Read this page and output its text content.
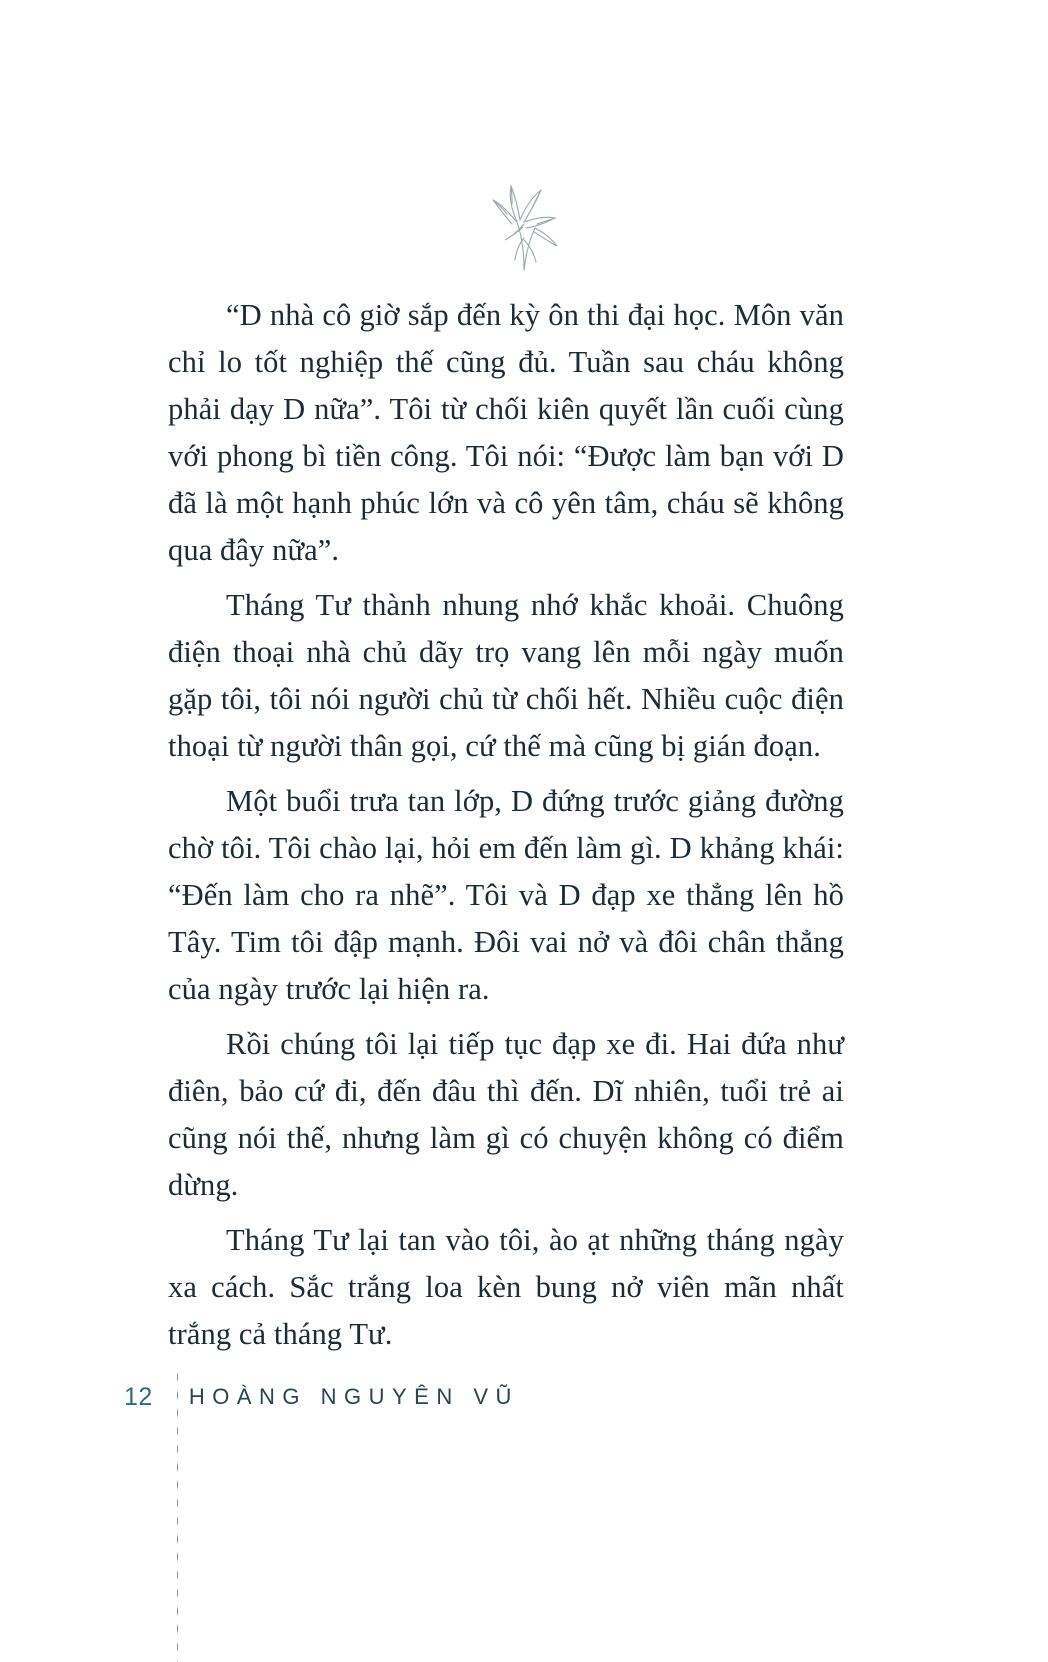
“D nhà cô giờ sắp đến kỳ ôn thi đại học. Môn văn chỉ lo tốt nghiệp thế cũng đủ. Tuần sau cháu không phải dạy D nữa”. Tôi từ chối kiên quyết lần cuối cùng với phong bì tiền công. Tôi nói: “Được làm bạn với D đã là một hạnh phúc lớn và cô yên tâm, cháu sẽ không qua đây nữa”.

Tháng Tư thành nhung nhớ khắc khoải. Chuông điện thoại nhà chủ dãy trọ vang lên mỗi ngày muốn gặp tôi, tôi nói người chủ từ chối hết. Nhiều cuộc điện thoại từ người thân gọi, cứ thế mà cũng bị gián đoạn.

Một buổi trưa tan lớp, D đứng trước giảng đường chờ tôi. Tôi chào lại, hỏi em đến làm gì. D khảng khái: “Đến làm cho ra nhẽ”. Tôi và D đạp xe thẳng lên hồ Tây. Tim tôi đập mạnh. Đôi vai nở và đôi chân thẳng của ngày trước lại hiện ra.

Rồi chúng tôi lại tiếp tục đạp xe đi. Hai đứa như điên, bảo cứ đi, đến đâu thì đến. Dĩ nhiên, tuổi trẻ ai cũng nói thế, nhưng làm gì có chuyện không có điểm dừng.

Tháng Tư lại tan vào tôi, ào ạt những tháng ngày xa cách. Sắc trắng loa kèn bung nở viên mãn nhất trắng cả tháng Tư.

12	HOÀNG NGUYÊN VŨ
